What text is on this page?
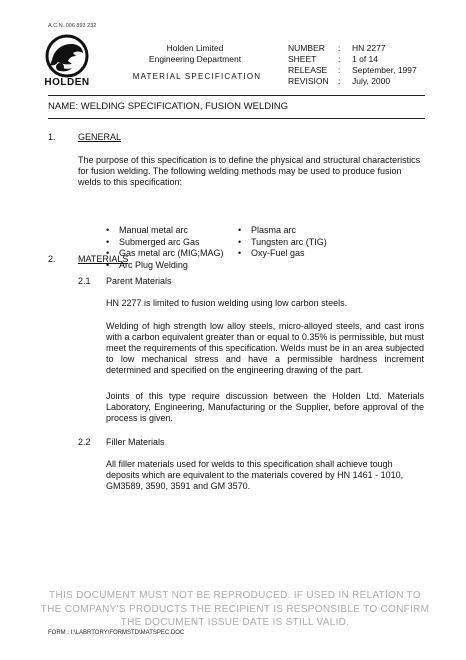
A.C.N. 006 893 232
HOLDEN
Holden Limited
Engineering Department
MATERIAL SPECIFICATION
NUMBER	:	HN 2277
SHEET	:	1 of 14
RELEASE	:	September, 1997
REVISION	:	July, 2000
NAME: WELDING SPECIFICATION, FUSION WELDING
1. GENERAL
The purpose of this specification is to define the physical and structural characteristics for fusion welding. The following welding methods may be used to produce fusion welds to this specification:
• Manual metal arc
• Submerged arc Gas
• Gas metal arc (MIG;MAG)
• Arc Plug Welding
• Plasma arc
• Tungsten arc (TIG)
• Oxy-Fuel gas
2. MATERIALS
2.1 Parent Materials
HN 2277 is limited to fusion welding using low carbon steels.
Welding of high strength low alloy steels, micro-alloyed steels, and cast irons with a carbon equivalent greater than or equal to 0.35% is permissible, but must meet the requirements of this specification. Welds must be in an area subjected to low mechanical stress and have a permissible hardness increment determined and specified on the engineering drawing of the part.
Joints of this type require discussion between the Holden Ltd. Materials Laboratory, Engineering, Manufacturing or the Supplier, before approval of the process is given.
2.2 Filler Materials
All filler materials used for welds to this specification shall achieve tough deposits which are equivalent to the materials covered by HN 1461 - 1010, GM3589, 3590, 3591 and GM 3570.
THIS DOCUMENT MUST NOT BE REPRODUCED. IF USED IN RELATION TO THE COMPANY'S PRODUCTS THE RECIPIENT IS RESPONSIBLE TO CONFIRM THE DOCUMENT ISSUE DATE IS STILL VALID.
FORM : I:\LABRTORY\FORMSTD\MATSPEC.DOC
